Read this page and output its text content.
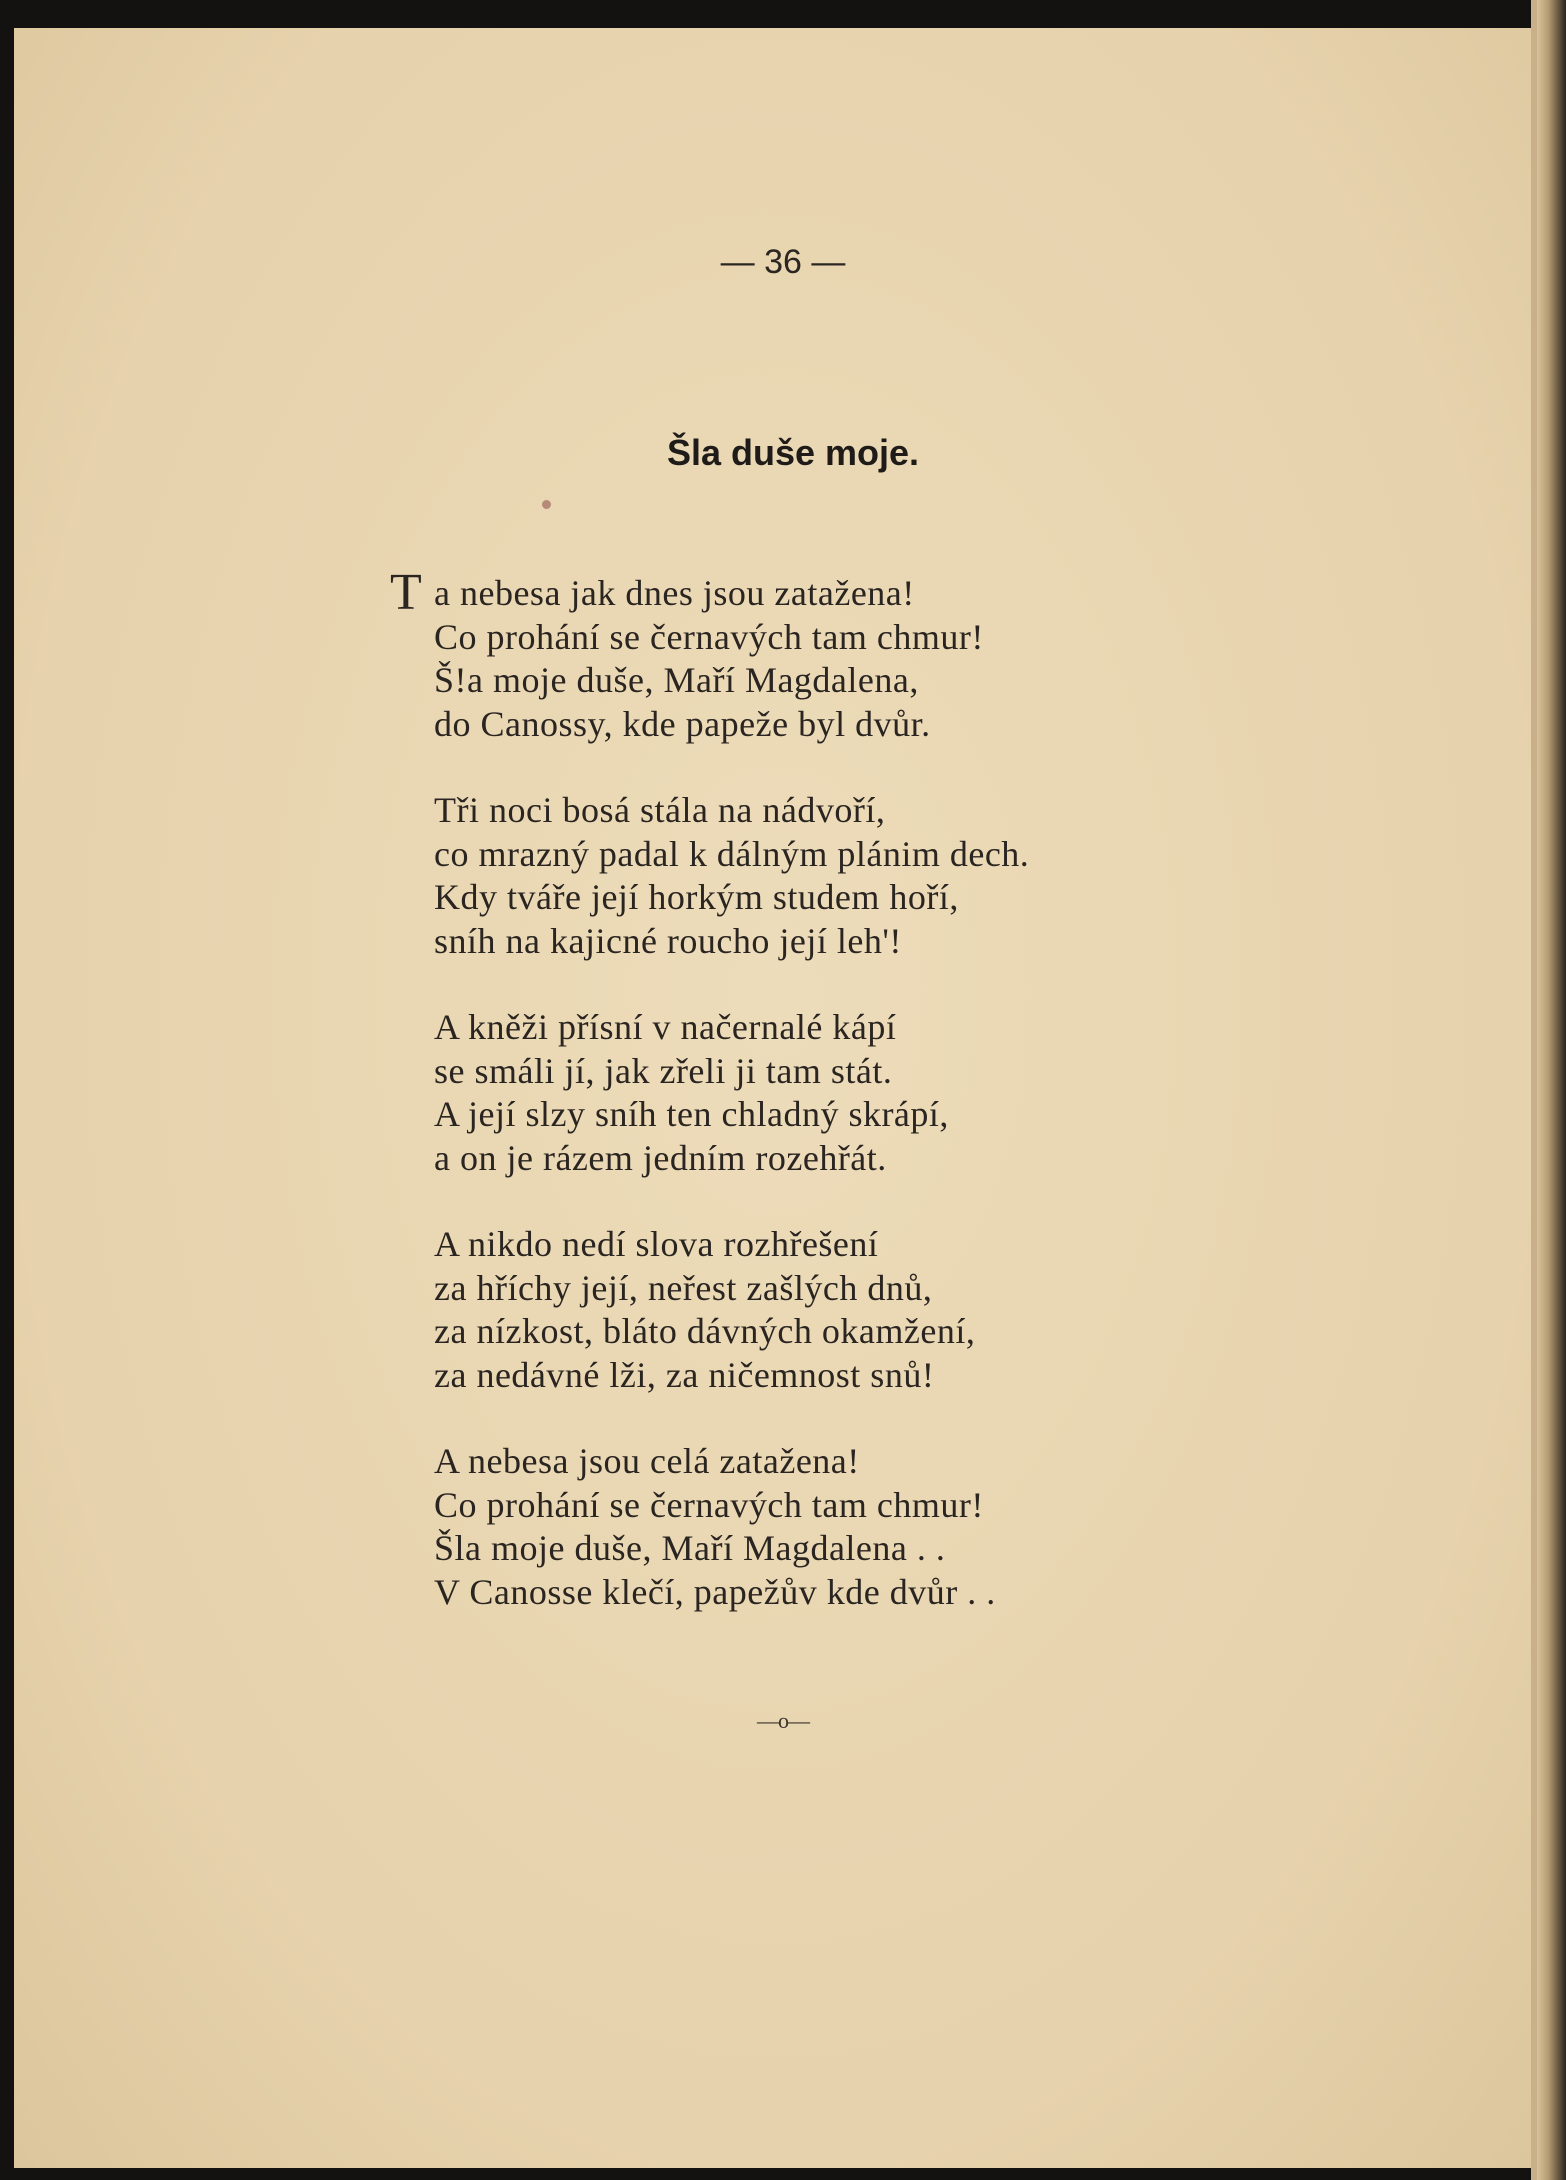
— 36 —
Šla duše moje.
T a nebesa jak dnes jsou zatažena!
Co prohání se černavých tam chmur!
Š!a moje duše, Maří Magdalena,
do Canossy, kde papeže byl dvůr.
Tři noci bosá stála na nádvoří,
co mrazný padal k dálným plánim dech.
Kdy tváře její horkým studem hoří,
sníh na kajicné roucho její leh'!
A kněži přísní v načernalé kápí
se smáli jí, jak zřeli ji tam stát.
A její slzy sníh ten chladný skrápí,
a on je rázem jedním rozehřát.
A nikdo nedí slova rozhřešení
za hříchy její, neřest zašlých dnů,
za nízkost, bláto dávných okamžení,
za nedávné lži, za ničemnost snů!
A nebesa jsou celá zatažena!
Co prohání se černavých tam chmur!
Šla moje duše, Maří Magdalena . .
V Canosse klečí, papežův kde dvůr . .
—o—
